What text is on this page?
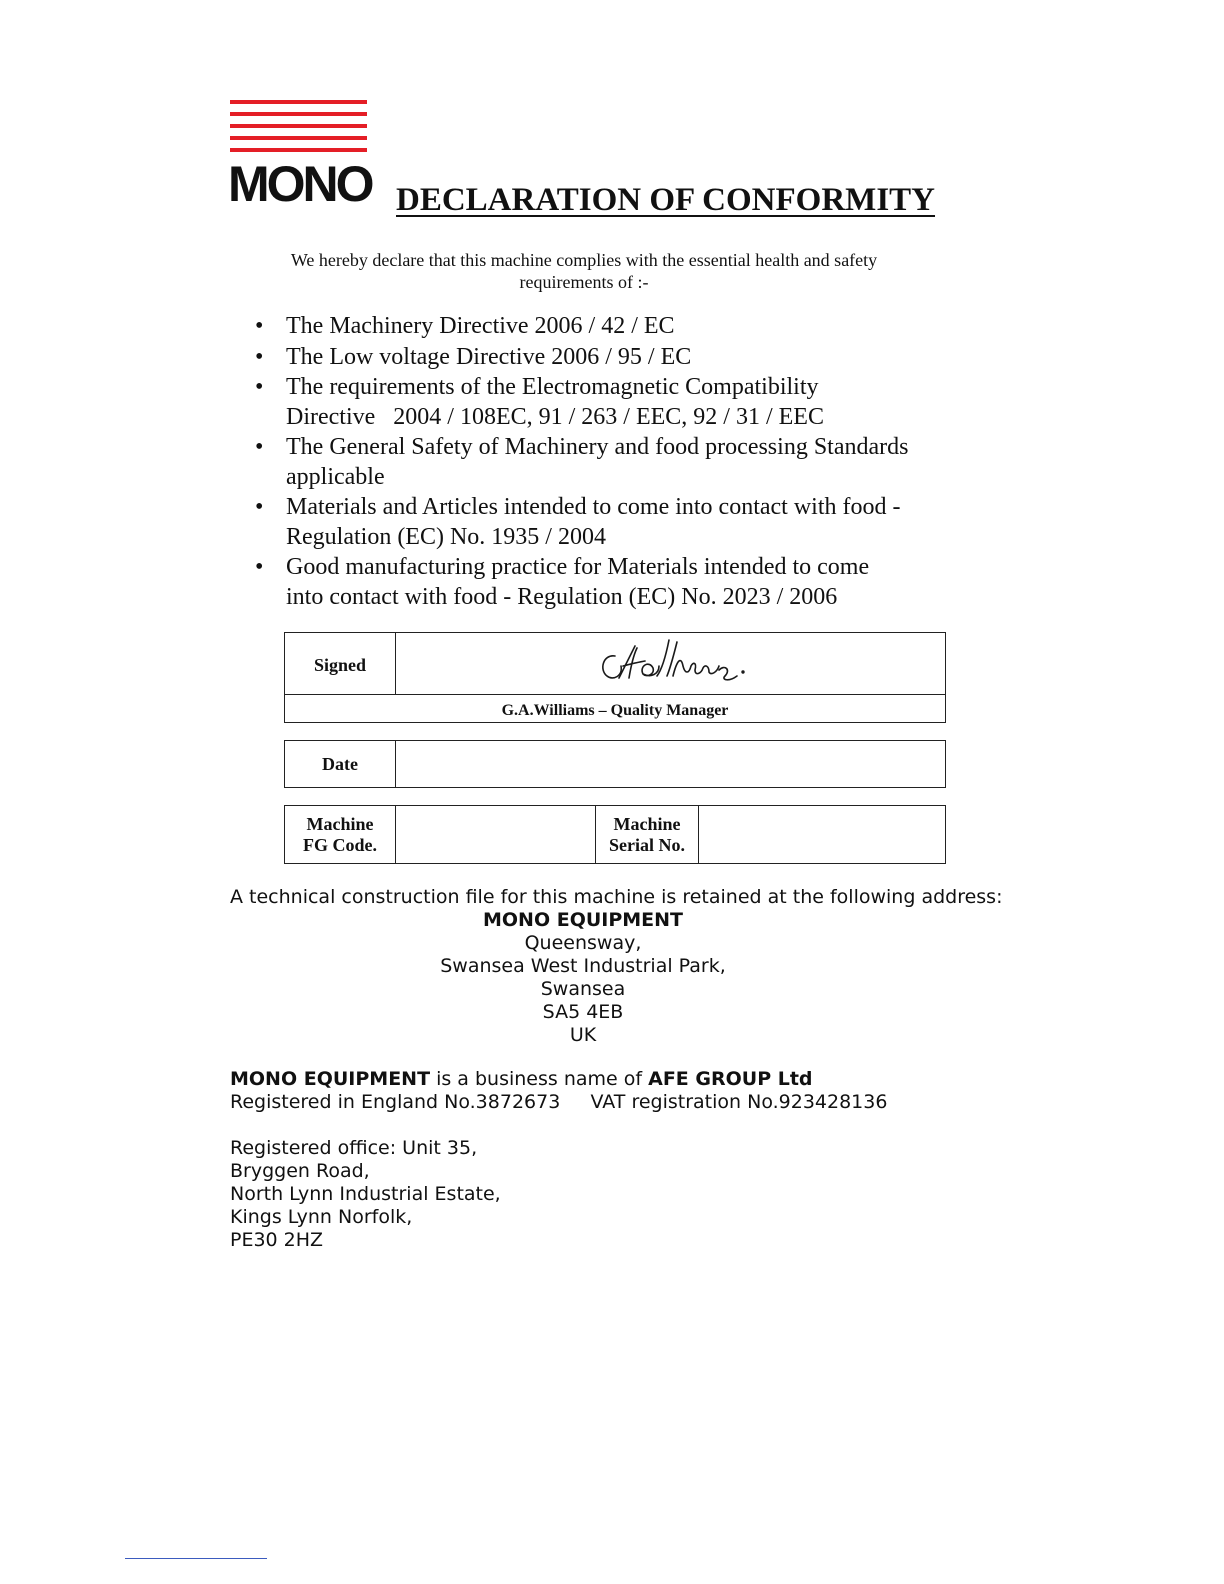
MONO DECLARATION OF CONFORMITY
We hereby declare that this machine complies with the essential health and safety
requirements of :-
• The Machinery Directive 2006 / 42 / EC
• The Low voltage Directive 2006 / 95 / EC
• The requirements of the Electromagnetic Compatibility
Directive   2004 / 108EC, 91 / 263 / EEC, 92 / 31 / EEC
• The General Safety of Machinery and food processing Standards
applicable
• Materials and Articles intended to come into contact with food -
Regulation (EC) No. 1935 / 2004
• Good manufacturing practice for Materials intended to come
into contact with food - Regulation (EC) No. 2023 / 2006
Signed
G.A.Williams – Quality Manager
Date
Machine
FG Code.
Machine
Serial No.
A technical construction file for this machine is retained at the following address:
MONO EQUIPMENT
Queensway,
Swansea West Industrial Park,
Swansea
SA5 4EB
UK
MONO EQUIPMENT is a business name of AFE GROUP Ltd
Registered in England No.3872673     VAT registration No.923428136
Registered office: Unit 35,
Bryggen Road,
North Lynn Industrial Estate,
Kings Lynn Norfolk,
PE30 2HZ
